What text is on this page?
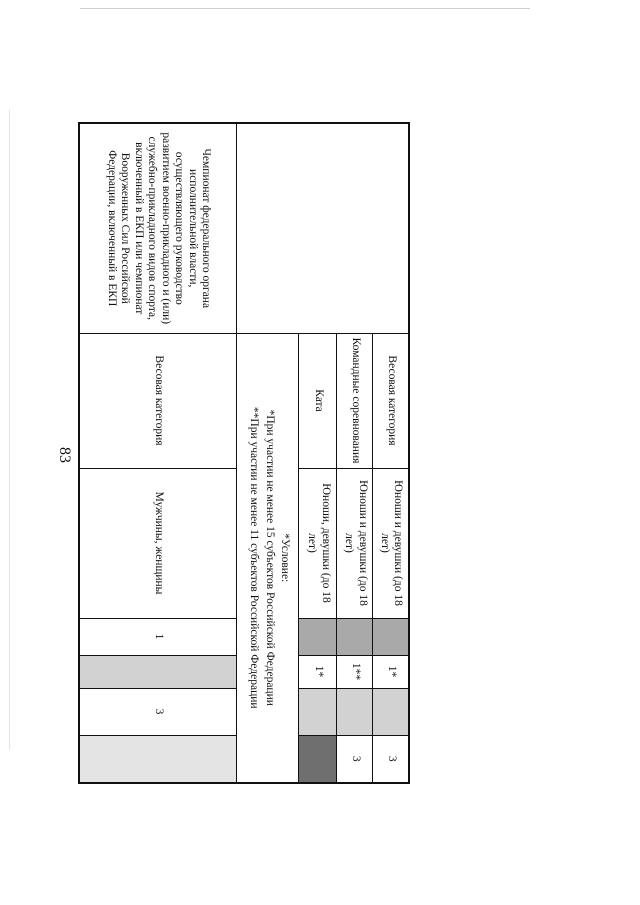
83
	Весовая категория	Юноши и девушки (до 18 лет)		1*		3
	Командные соревнования	Юноши и девушки (до 18 лет)		1**		3
	Ката	Юноши, девушки (до 18 лет)		1*		

	*Условие:
*При участии не менее 15 субъектов Российской Федерации
**При участии не менее 11 субъектов Российской Федерации					

Чемпионат федерального органа исполнительной власти, осуществляющего руководство развитием военно-прикладного и (или) служебно-прикладного видов спорта, включенный в ЕКП или чемпионат Вооруженных Сил Российской Федерации, включенный в ЕКП	Весовая категория	Мужчины, женщины	1		3	
